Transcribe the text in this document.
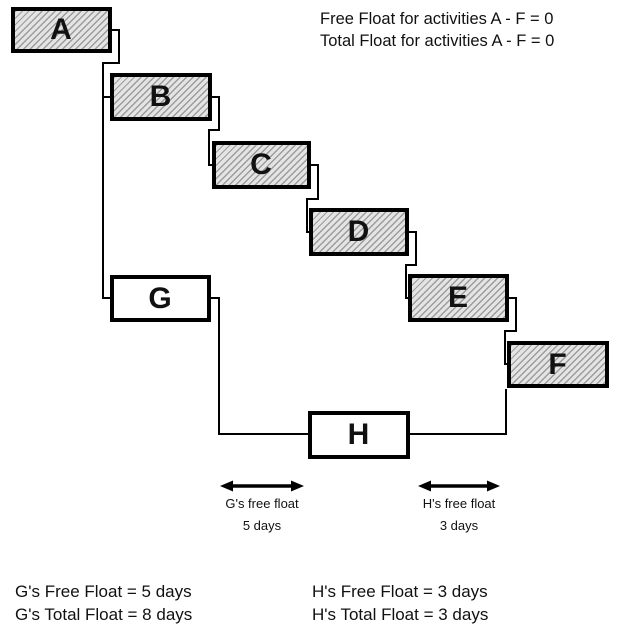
Free Float for activities A - F = 0
Total Float for activities A - F = 0
A
B
C
D
E
F
G
H
G's free float
5 days
H's free float
3 days
G's Free Float = 5 days
G's Total Float = 8 days
H's Free Float = 3 days
H's Total Float = 3 days
